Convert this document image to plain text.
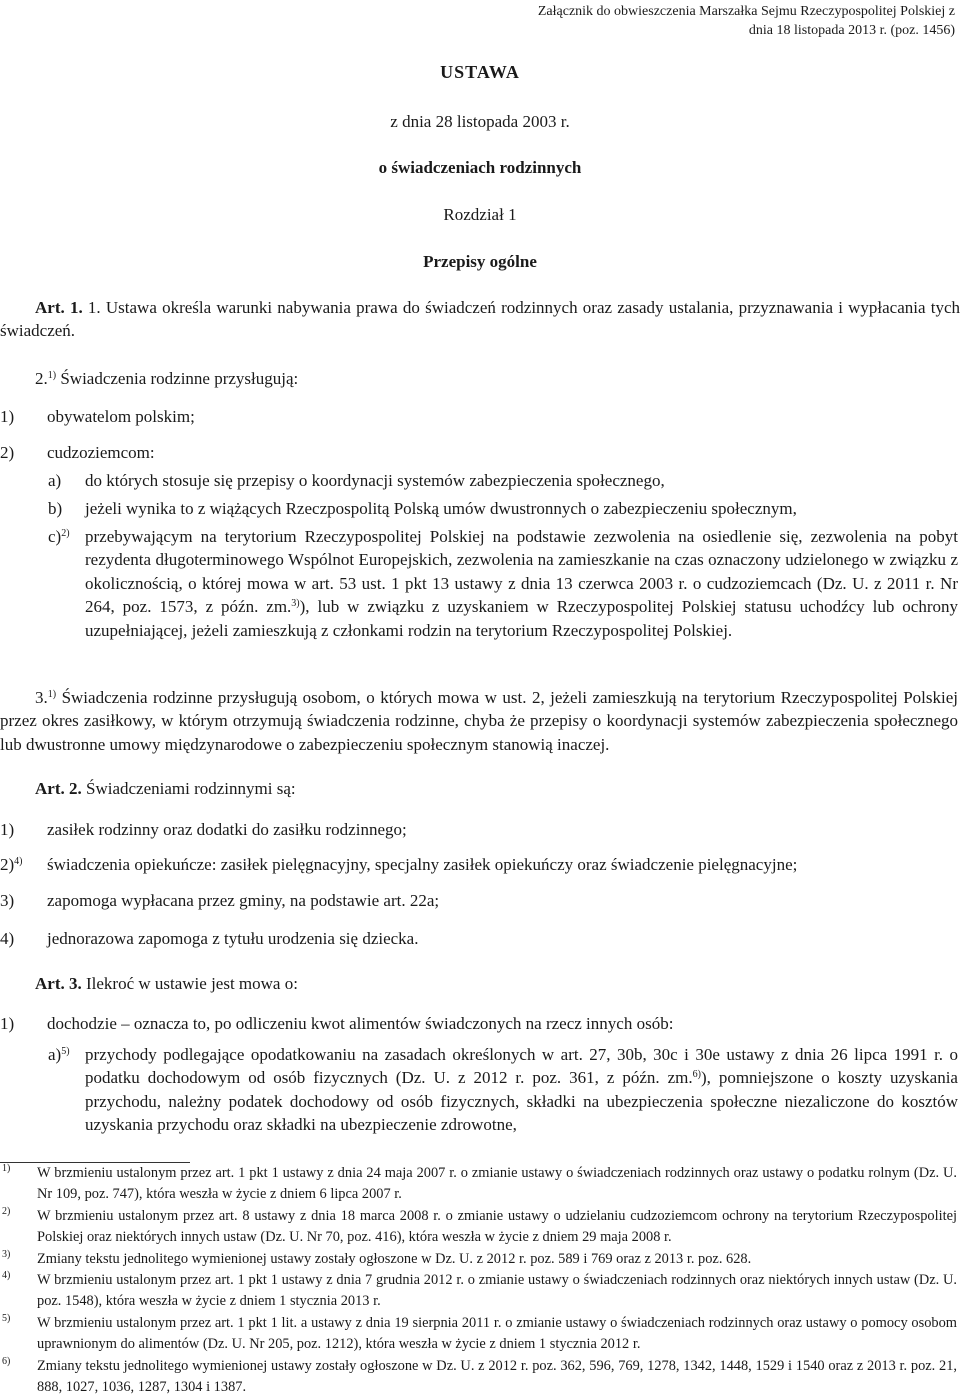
Załącznik do obwieszczenia Marszałka Sejmu Rzeczypospolitej Polskiej z dnia 18 listopada 2013 r. (poz. 1456)
USTAWA
z dnia 28 listopada 2003 r.
o świadczeniach rodzinnych
Rozdział 1
Przepisy ogólne
Art. 1. 1. Ustawa określa warunki nabywania prawa do świadczeń rodzinnych oraz zasady ustalania, przyznawania i wypłacania tych świadczeń.
2.$^{1)}$ Świadczenia rodzinne przysługują:
1) obywatelom polskim;
2) cudzoziemcom:
a) do których stosuje się przepisy o koordynacji systemów zabezpieczenia społecznego,
b) jeżeli wynika to z wiążących Rzeczpospolitą Polską umów dwustronnych o zabezpieczeniu społecznym,
c)$^{2)}$ przebywającym na terytorium Rzeczypospolitej Polskiej na podstawie zezwolenia na osiedlenie się, zezwolenia na pobyt rezydenta długoterminowego Wspólnot Europejskich, zezwolenia na zamieszkanie na czas oznaczony udzielonego w związku z okolicznością, o której mowa w art. 53 ust. 1 pkt 13 ustawy z dnia 13 czerwca 2003 r. o cudzoziemcach (Dz. U. z 2011 r. Nr 264, poz. 1573, z późn. zm.$^{3)}$), lub w związku z uzyskaniem w Rzeczypospolitej Polskiej statusu uchodźcy lub ochrony uzupełniającej, jeżeli zamieszkują z członkami rodzin na terytorium Rzeczypospolitej Polskiej.
3.$^{1)}$ Świadczenia rodzinne przysługują osobom, o których mowa w ust. 2, jeżeli zamieszkują na terytorium Rzeczypospolitej Polskiej przez okres zasiłkowy, w którym otrzymują świadczenia rodzinne, chyba że przepisy o koordynacji systemów zabezpieczenia społecznego lub dwustronne umowy międzynarodowe o zabezpieczeniu społecznym stanowią inaczej.
Art. 2. Świadczeniami rodzinnymi są:
1) zasiłek rodzinny oraz dodatki do zasiłku rodzinnego;
2)$^{4)}$ świadczenia opiekuńcze: zasiłek pielęgnacyjny, specjalny zasiłek opiekuńczy oraz świadczenie pielęgnacyjne;
3) zapomoga wypłacana przez gminy, na podstawie art. 22a;
4) jednorazowa zapomoga z tytułu urodzenia się dziecka.
Art. 3. Ilekroć w ustawie jest mowa o:
1) dochodzie – oznacza to, po odliczeniu kwot alimentów świadczonych na rzecz innych osób:
a)$^{5)}$ przychody podlegające opodatkowaniu na zasadach określonych w art. 27, 30b, 30c i 30e ustawy z dnia 26 lipca 1991 r. o podatku dochodowym od osób fizycznych (Dz. U. z 2012 r. poz. 361, z późn. zm.$^{6)}$), pomniejszone o koszty uzyskania przychodu, należny podatek dochodowy od osób fizycznych, składki na ubezpieczenia społeczne niezaliczone do kosztów uzyskania przychodu oraz składki na ubezpieczenie zdrowotne,
1) W brzmieniu ustalonym przez art. 1 pkt 1 ustawy z dnia 24 maja 2007 r. o zmianie ustawy o świadczeniach rodzinnych oraz ustawy o podatku rolnym (Dz. U. Nr 109, poz. 747), która weszła w życie z dniem 6 lipca 2007 r.
2) W brzmieniu ustalonym przez art. 8 ustawy z dnia 18 marca 2008 r. o zmianie ustawy o udzielaniu cudzoziemcom ochrony na terytorium Rzeczypospolitej Polskiej oraz niektórych innych ustaw (Dz. U. Nr 70, poz. 416), która weszła w życie z dniem 29 maja 2008 r.
3) Zmiany tekstu jednolitego wymienionej ustawy zostały ogłoszone w Dz. U. z 2012 r. poz. 589 i 769 oraz z 2013 r. poz. 628.
4) W brzmieniu ustalonym przez art. 1 pkt 1 ustawy z dnia 7 grudnia 2012 r. o zmianie ustawy o świadczeniach rodzinnych oraz niektórych innych ustaw (Dz. U. poz. 1548), która weszła w życie z dniem 1 stycznia 2013 r.
5) W brzmieniu ustalonym przez art. 1 pkt 1 lit. a ustawy z dnia 19 sierpnia 2011 r. o zmianie ustawy o świadczeniach rodzinnych oraz ustawy o pomocy osobom uprawnionym do alimentów (Dz. U. Nr 205, poz. 1212), która weszła w życie z dniem 1 stycznia 2012 r.
6) Zmiany tekstu jednolitego wymienionej ustawy zostały ogłoszone w Dz. U. z 2012 r. poz. 362, 596, 769, 1278, 1342, 1448, 1529 i 1540 oraz z 2013 r. poz. 21, 888, 1027, 1036, 1287, 1304 i 1387.
